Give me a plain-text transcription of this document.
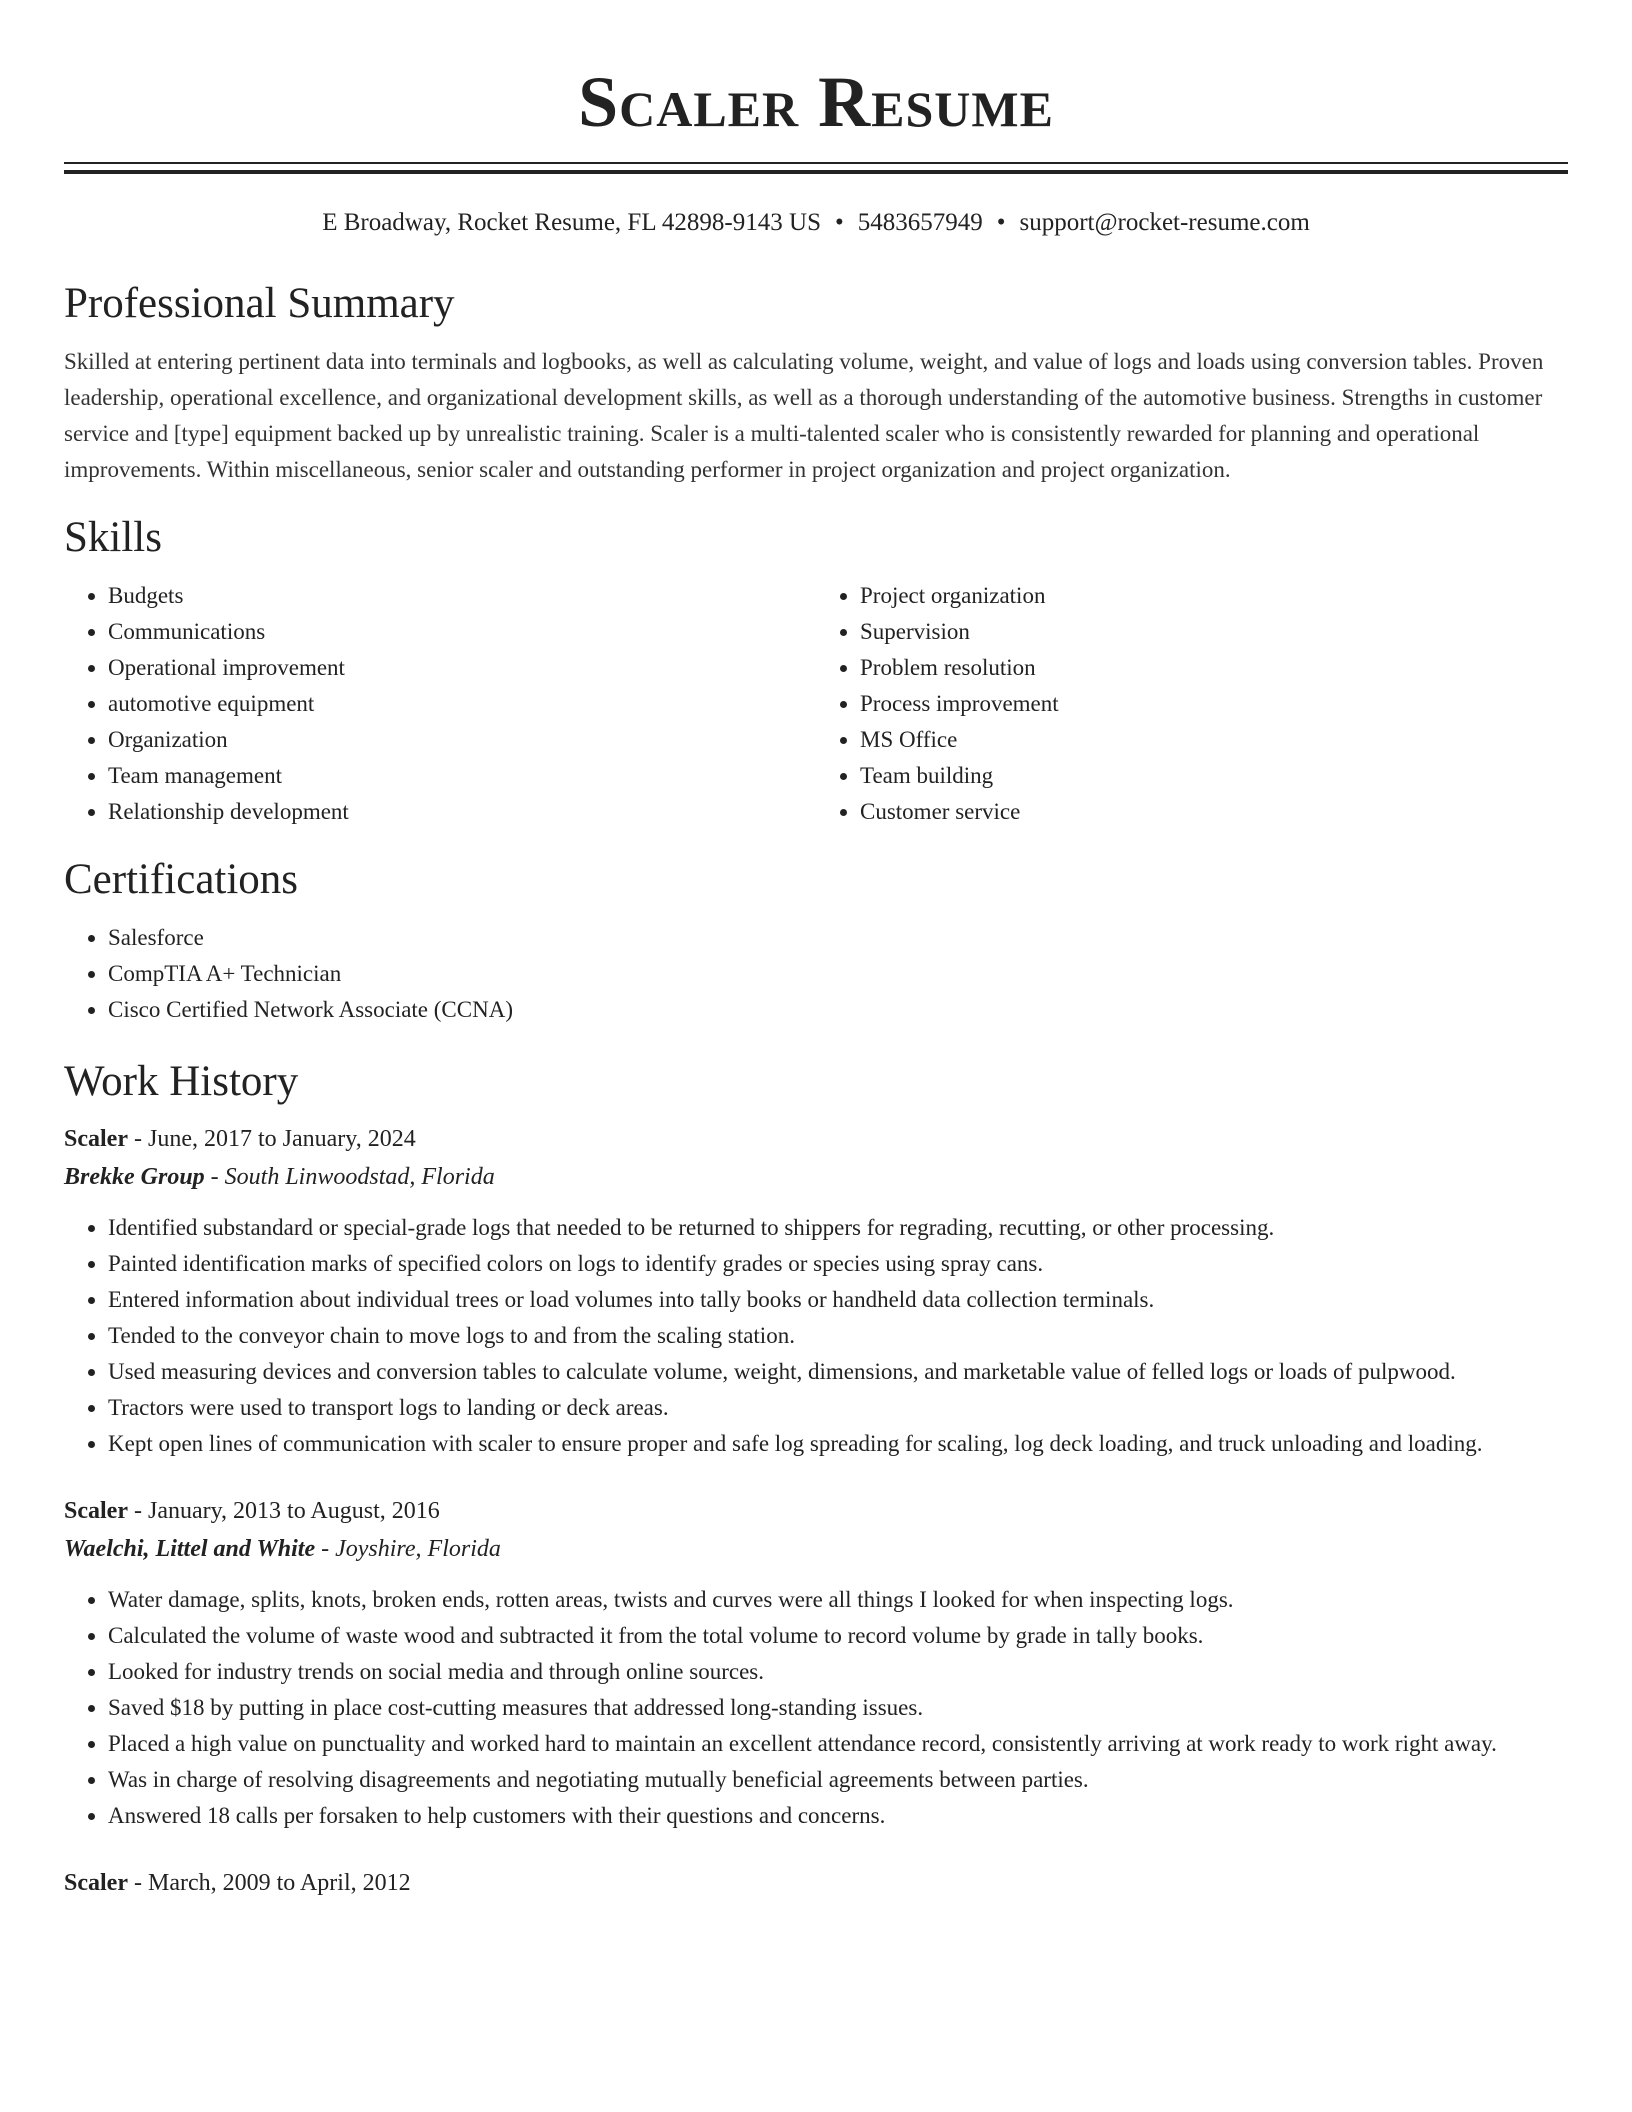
Scaler Resume
E Broadway, Rocket Resume, FL 42898-9143 US • 5483657949 • support@rocket-resume.com
Professional Summary

Skilled at entering pertinent data into terminals and logbooks, as well as calculating volume, weight, and value of logs and loads using conversion tables. Proven leadership, operational excellence, and organizational development skills, as well as a thorough understanding of the automotive business. Strengths in customer service and [type] equipment backed up by unrealistic training. Scaler is a multi-talented scaler who is consistently rewarded for planning and operational improvements. Within miscellaneous, senior scaler and outstanding performer in project organization and project organization.

Skills
• Budgets
• Communications
• Operational improvement
• automotive equipment
• Organization
• Team management
• Relationship development
• Project organization
• Supervision
• Problem resolution
• Process improvement
• MS Office
• Team building
• Customer service
Certifications
• Salesforce
• CompTIA A+ Technician
• Cisco Certified Network Associate (CCNA)
Work History
Scaler - June, 2017 to January, 2024
Brekke Group - South Linwoodstad, Florida
• Identified substandard or special-grade logs that needed to be returned to shippers for regrading, recutting, or other processing.
• Painted identification marks of specified colors on logs to identify grades or species using spray cans.
• Entered information about individual trees or load volumes into tally books or handheld data collection terminals.
• Tended to the conveyor chain to move logs to and from the scaling station.
• Used measuring devices and conversion tables to calculate volume, weight, dimensions, and marketable value of felled logs or loads of pulpwood.
• Tractors were used to transport logs to landing or deck areas.
• Kept open lines of communication with scaler to ensure proper and safe log spreading for scaling, log deck loading, and truck unloading and loading.
Scaler - January, 2013 to August, 2016
Waelchi, Littel and White - Joyshire, Florida
• Water damage, splits, knots, broken ends, rotten areas, twists and curves were all things I looked for when inspecting logs.
• Calculated the volume of waste wood and subtracted it from the total volume to record volume by grade in tally books.
• Looked for industry trends on social media and through online sources.
• Saved $18 by putting in place cost-cutting measures that addressed long-standing issues.
• Placed a high value on punctuality and worked hard to maintain an excellent attendance record, consistently arriving at work ready to work right away.
• Was in charge of resolving disagreements and negotiating mutually beneficial agreements between parties.
• Answered 18 calls per forsaken to help customers with their questions and concerns.
Scaler - March, 2009 to April, 2012
